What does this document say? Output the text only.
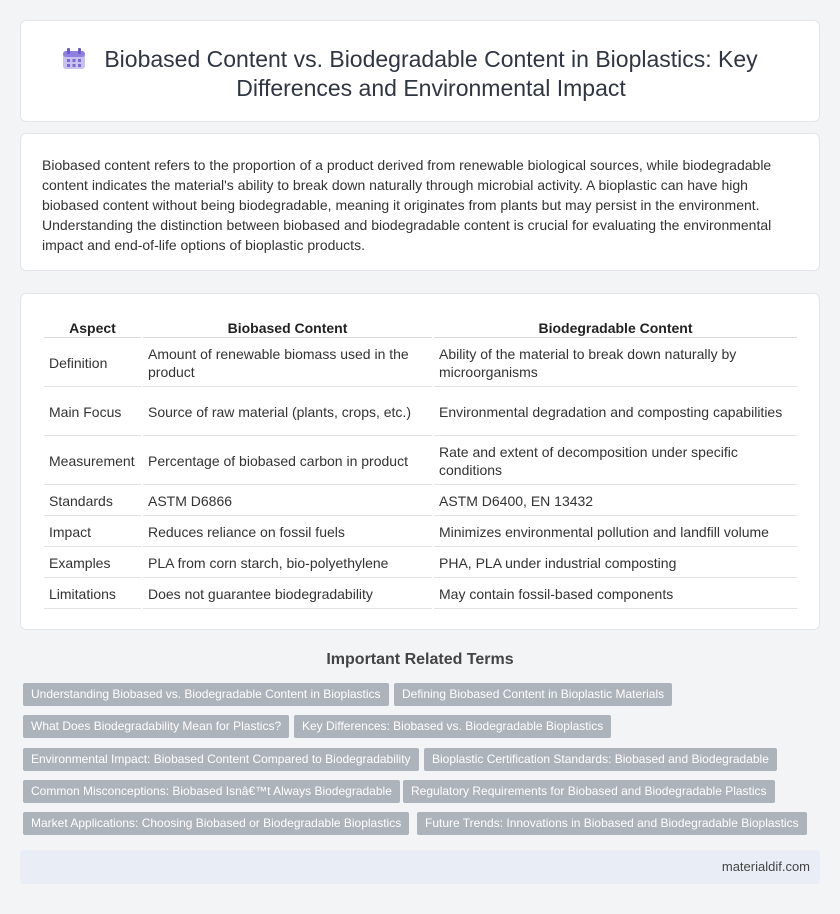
Biobased Content vs. Biodegradable Content in Bioplastics: Key Differences and Environmental Impact

Biobased content refers to the proportion of a product derived from renewable biological sources, while biodegradable content indicates the material's ability to break down naturally through microbial activity. A bioplastic can have high biobased content without being biodegradable, meaning it originates from plants but may persist in the environment. Understanding the distinction between biobased and biodegradable content is crucial for evaluating the environmental impact and end-of-life options of bioplastic products.

Aspect	Biobased Content	Biodegradable Content
Definition	Amount of renewable biomass used in the product	Ability of the material to break down naturally by microorganisms
Main Focus	Source of raw material (plants, crops, etc.)	Environmental degradation and composting capabilities
Measurement	Percentage of biobased carbon in product	Rate and extent of decomposition under specific conditions
Standards	ASTM D6866	ASTM D6400, EN 13432
Impact	Reduces reliance on fossil fuels	Minimizes environmental pollution and landfill volume
Examples	PLA from corn starch, bio-polyethylene	PHA, PLA under industrial composting
Limitations	Does not guarantee biodegradability	May contain fossil-based components
Important Related Terms
Understanding Biobased vs. Biodegradable Content in Bioplastics	Defining Biobased Content in Bioplastic Materials
What Does Biodegradability Mean for Plastics?	Key Differences: Biobased vs. Biodegradable Bioplastics
Environmental Impact: Biobased Content Compared to Biodegradability	Bioplastic Certification Standards: Biobased and Biodegradable
Common Misconceptions: Biobased Isnâ€™t Always Biodegradable	Regulatory Requirements for Biobased and Biodegradable Plastics
Market Applications: Choosing Biobased or Biodegradable Bioplastics	Future Trends: Innovations in Biobased and Biodegradable Bioplastics
materialdif.com
